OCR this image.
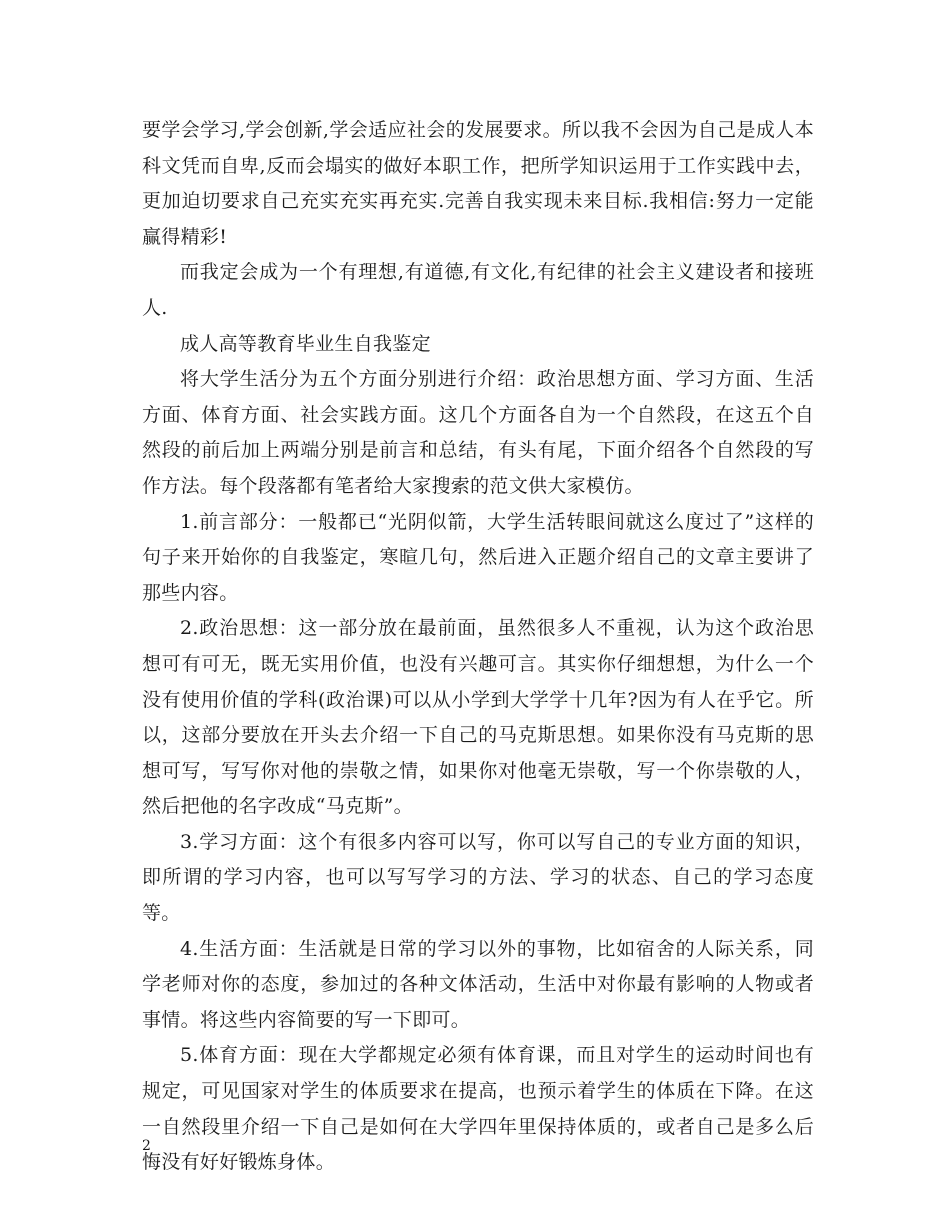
要学会学习,学会创新,学会适应社会的发展要求。所以我不会因为自己是成人本科文凭而自卑,反而会塌实的做好本职工作，把所学知识运用于工作实践中去，更加迫切要求自己充实充实再充实.完善自我实现未来目标.我相信:努力一定能赢得精彩!

而我定会成为一个有理想,有道德,有文化,有纪律的社会主义建设者和接班人.

成人高等教育毕业生自我鉴定

将大学生活分为五个方面分别进行介绍：政治思想方面、学习方面、生活方面、体育方面、社会实践方面。这几个方面各自为一个自然段，在这五个自然段的前后加上两端分别是前言和总结，有头有尾，下面介绍各个自然段的写作方法。每个段落都有笔者给大家搜索的范文供大家模仿。

1.前言部分：一般都已“光阴似箭，大学生活转眼间就这么度过了”这样的句子来开始你的自我鉴定，寒暄几句，然后进入正题介绍自己的文章主要讲了那些内容。

2.政治思想：这一部分放在最前面，虽然很多人不重视，认为这个政治思想可有可无，既无实用价值，也没有兴趣可言。其实你仔细想想，为什么一个没有使用价值的学科(政治课)可以从小学到大学学十几年?因为有人在乎它。所以，这部分要放在开头去介绍一下自己的马克斯思想。如果你没有马克斯的思想可写，写写你对他的崇敬之情，如果你对他毫无崇敬，写一个你崇敬的人，然后把他的名字改成“马克斯”。

3.学习方面：这个有很多内容可以写，你可以写自己的专业方面的知识，即所谓的学习内容，也可以写写学习的方法、学习的状态、自己的学习态度等。

4.生活方面：生活就是日常的学习以外的事物，比如宿舍的人际关系，同学老师对你的态度，参加过的各种文体活动，生活中对你最有影响的人物或者事情。将这些内容简要的写一下即可。

5.体育方面：现在大学都规定必须有体育课，而且对学生的运动时间也有规定，可见国家对学生的体质要求在提高，也预示着学生的体质在下降。在这一自然段里介绍一下自己是如何在大学四年里保持体质的，或者自己是多么后悔没有好好锻炼身体。

2
